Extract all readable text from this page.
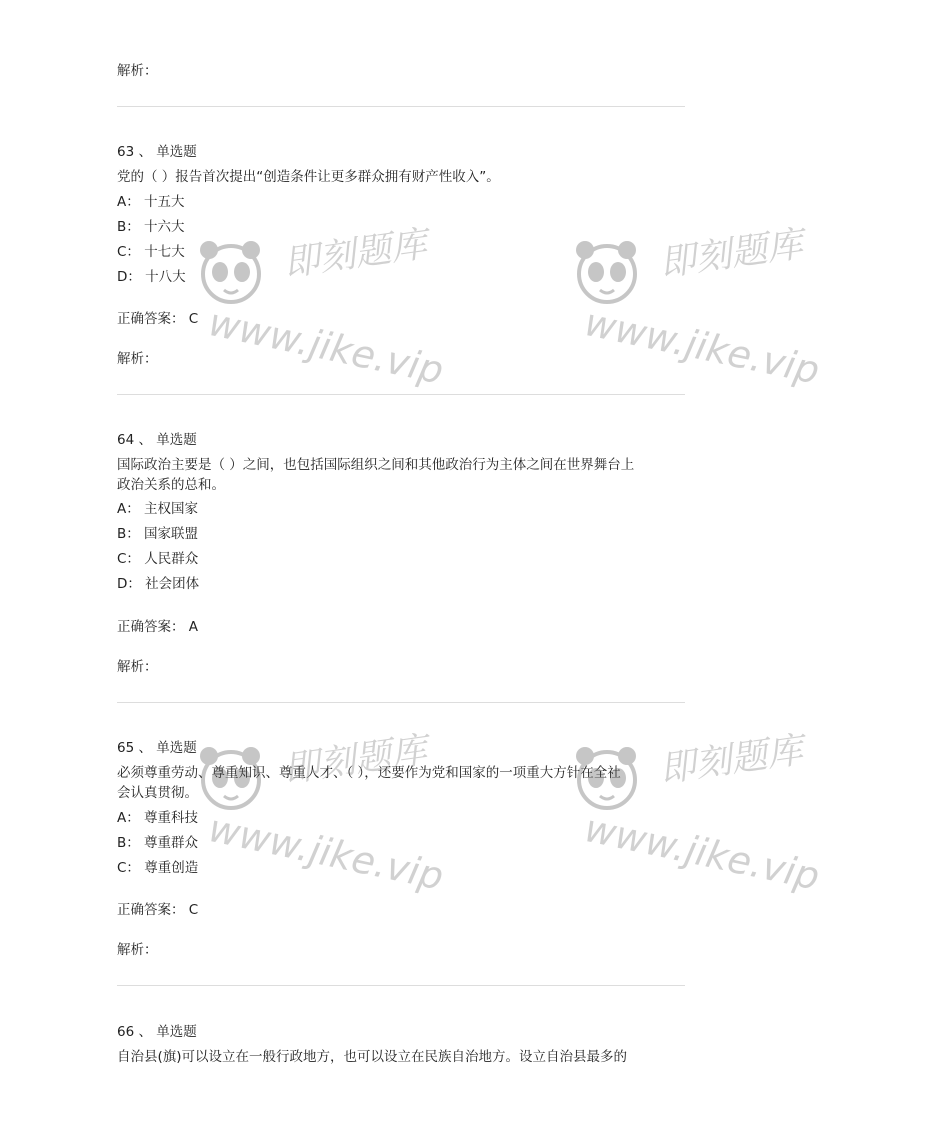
解析：
63 、 单选题
党的（ ）报告首次提出“创造条件让更多群众拥有财产性收入”。
A： 十五大
B： 十六大
C： 十七大
D： 十八大
正确答案： C
解析：
64 、 单选题
国际政治主要是（ ）之间，也包括国际组织之间和其他政治行为主体之间在世界舞台上
政治关系的总和。
A： 主权国家
B： 国家联盟
C： 人民群众
D： 社会团体
正确答案： A
解析：
65 、 单选题
必须尊重劳动、尊重知识、尊重人才、（ ），还要作为党和国家的一项重大方针在全社
会认真贯彻。
A： 尊重科技
B： 尊重群众
C： 尊重创造
正确答案： C
解析：
66 、 单选题
自治县(旗)可以设立在一般行政地方，也可以设立在民族自治地方。设立自治县最多的
即刻题库
www.jike.vip
即刻题库
www.jike.vip
即刻题库
www.jike.vip
即刻题库
www.jike.vip
